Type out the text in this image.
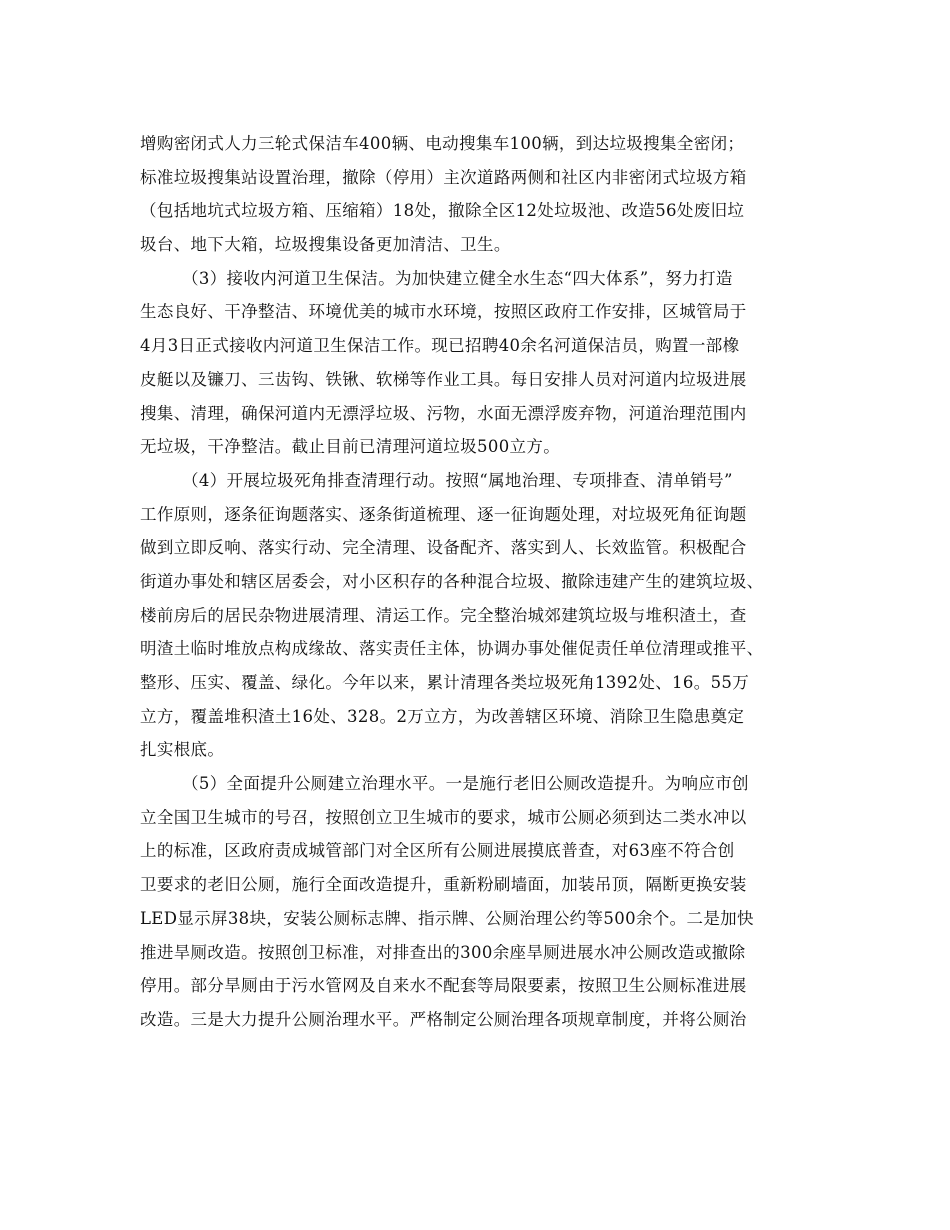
增购密闭式人力三轮式保洁车400辆、电动搜集车100辆，到达垃圾搜集全密闭；
标准垃圾搜集站设置治理，撤除（停用）主次道路两侧和社区内非密闭式垃圾方箱
（包括地坑式垃圾方箱、压缩箱）18处，撤除全区12处垃圾池、改造56处废旧垃
圾台、地下大箱，垃圾搜集设备更加清洁、卫生。
（3）接收内河道卫生保洁。为加快建立健全水生态“四大体系”，努力打造
生态良好、干净整洁、环境优美的城市水环境，按照区政府工作安排，区城管局于
4月3日正式接收内河道卫生保洁工作。现已招聘40余名河道保洁员，购置一部橡
皮艇以及镰刀、三齿钩、铁锹、软梯等作业工具。每日安排人员对河道内垃圾进展
搜集、清理，确保河道内无漂浮垃圾、污物，水面无漂浮废弃物，河道治理范围内
无垃圾，干净整洁。截止目前已清理河道垃圾500立方。
（4）开展垃圾死角排查清理行动。按照“属地治理、专项排查、清单销号”
工作原则，逐条征询题落实、逐条街道梳理、逐一征询题处理，对垃圾死角征询题
做到立即反响、落实行动、完全清理、设备配齐、落实到人、长效监管。积极配合
街道办事处和辖区居委会，对小区积存的各种混合垃圾、撤除违建产生的建筑垃圾、
楼前房后的居民杂物进展清理、清运工作。完全整治城郊建筑垃圾与堆积渣土，查
明渣土临时堆放点构成缘故、落实责任主体，协调办事处催促责任单位清理或推平、
整形、压实、覆盖、绿化。今年以来，累计清理各类垃圾死角1392处、16。55万
立方，覆盖堆积渣土16处、328。2万立方，为改善辖区环境、消除卫生隐患奠定
扎实根底。
（5）全面提升公厕建立治理水平。一是施行老旧公厕改造提升。为响应市创
立全国卫生城市的号召，按照创立卫生城市的要求，城市公厕必须到达二类水冲以
上的标准，区政府责成城管部门对全区所有公厕进展摸底普查，对63座不符合创
卫要求的老旧公厕，施行全面改造提升，重新粉刷墙面，加装吊顶，隔断更换安装
LED显示屏38块，安装公厕标志牌、指示牌、公厕治理公约等500余个。二是加快
推进旱厕改造。按照创卫标准，对排查出的300余座旱厕进展水冲公厕改造或撤除
停用。部分旱厕由于污水管网及自来水不配套等局限要素，按照卫生公厕标准进展
改造。三是大力提升公厕治理水平。严格制定公厕治理各项规章制度，并将公厕治
